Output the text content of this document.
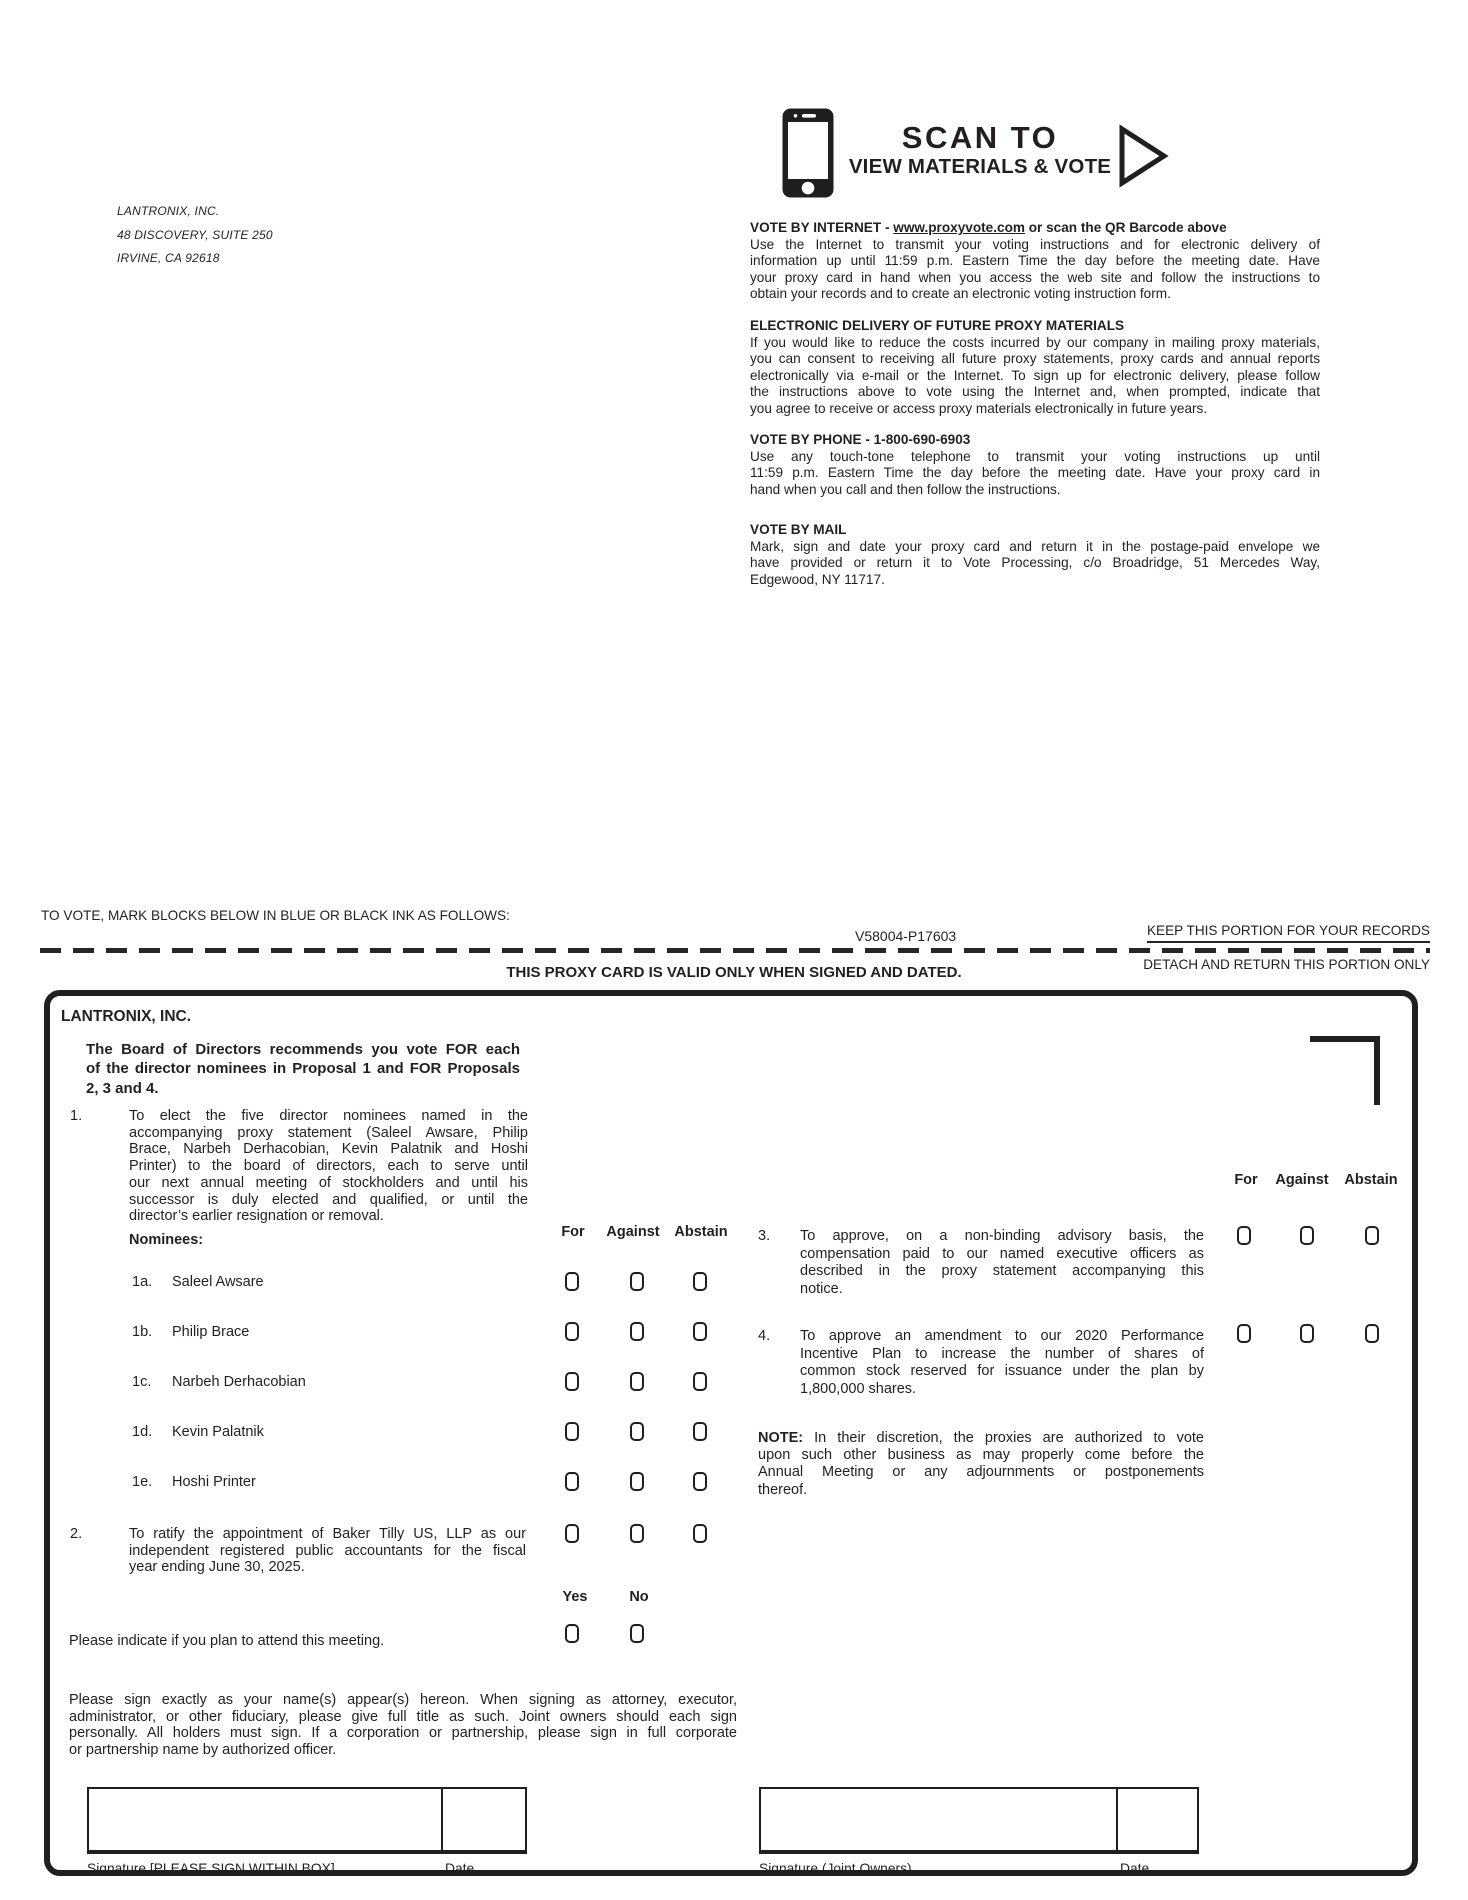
LANTRONIX, INC.
48 DISCOVERY, SUITE 250
IRVINE, CA 92618
SCAN TO
VIEW MATERIALS & VOTE
VOTE BY INTERNET - www.proxyvote.com or scan the QR Barcode above
Use the Internet to transmit your voting instructions and for electronic delivery of
information up until 11:59 p.m. Eastern Time the day before the meeting date. Have
your proxy card in hand when you access the web site and follow the instructions to
obtain your records and to create an electronic voting instruction form.
ELECTRONIC DELIVERY OF FUTURE PROXY MATERIALS
If you would like to reduce the costs incurred by our company in mailing proxy materials,
you can consent to receiving all future proxy statements, proxy cards and annual reports
electronically via e-mail or the Internet. To sign up for electronic delivery, please follow
the instructions above to vote using the Internet and, when prompted, indicate that
you agree to receive or access proxy materials electronically in future years.
VOTE BY PHONE - 1-800-690-6903
Use any touch-tone telephone to transmit your voting instructions up until
11:59 p.m. Eastern Time the day before the meeting date. Have your proxy card in
hand when you call and then follow the instructions.
VOTE BY MAIL
Mark, sign and date your proxy card and return it in the postage-paid envelope we
have provided or return it to Vote Processing, c/o Broadridge, 51 Mercedes Way,
Edgewood, NY 11717.
TO VOTE, MARK BLOCKS BELOW IN BLUE OR BLACK INK AS FOLLOWS:
V58004-P17603	KEEP THIS PORTION FOR YOUR RECORDS
DETACH AND RETURN THIS PORTION ONLY
THIS PROXY CARD IS VALID ONLY WHEN SIGNED AND DATED.
LANTRONIX, INC.
The Board of Directors recommends you vote FOR each
of the director nominees in Proposal 1 and FOR Proposals
2, 3 and 4.
1.	To elect the five director nominees named in the
accompanying proxy statement (Saleel Awsare, Philip
Brace, Narbeh Derhacobian, Kevin Palatnik and Hoshi
Printer) to the board of directors, each to serve until
our next annual meeting of stockholders and until his
successor is duly elected and qualified, or until the
director’s earlier resignation or removal.
Nominees:	For Against Abstain
1a. Saleel Awsare
1b. Philip Brace
1c. Narbeh Derhacobian
1d. Kevin Palatnik
1e. Hoshi Printer
2.	To ratify the appointment of Baker Tilly US, LLP as our
independent registered public accountants for the fiscal
year ending June 30, 2025.
Yes	No
Please indicate if you plan to attend this meeting.
Please sign exactly as your name(s) appear(s) hereon. When signing as attorney, executor,
administrator, or other fiduciary, please give full title as such. Joint owners should each sign
personally. All holders must sign. If a corporation or partnership, please sign in full corporate
or partnership name by authorized officer.
For Against Abstain
3. To approve, on a non-binding advisory basis, the
compensation paid to our named executive officers as
described in the proxy statement accompanying this
notice.
4. To approve an amendment to our 2020 Performance
Incentive Plan to increase the number of shares of
common stock reserved for issuance under the plan by
1,800,000 shares.
NOTE: In their discretion, the proxies are authorized to vote
upon such other business as may properly come before the
Annual Meeting or any adjournments or postponements
thereof.
Signature [PLEASE SIGN WITHIN BOX]	Date	Signature (Joint Owners)	Date
